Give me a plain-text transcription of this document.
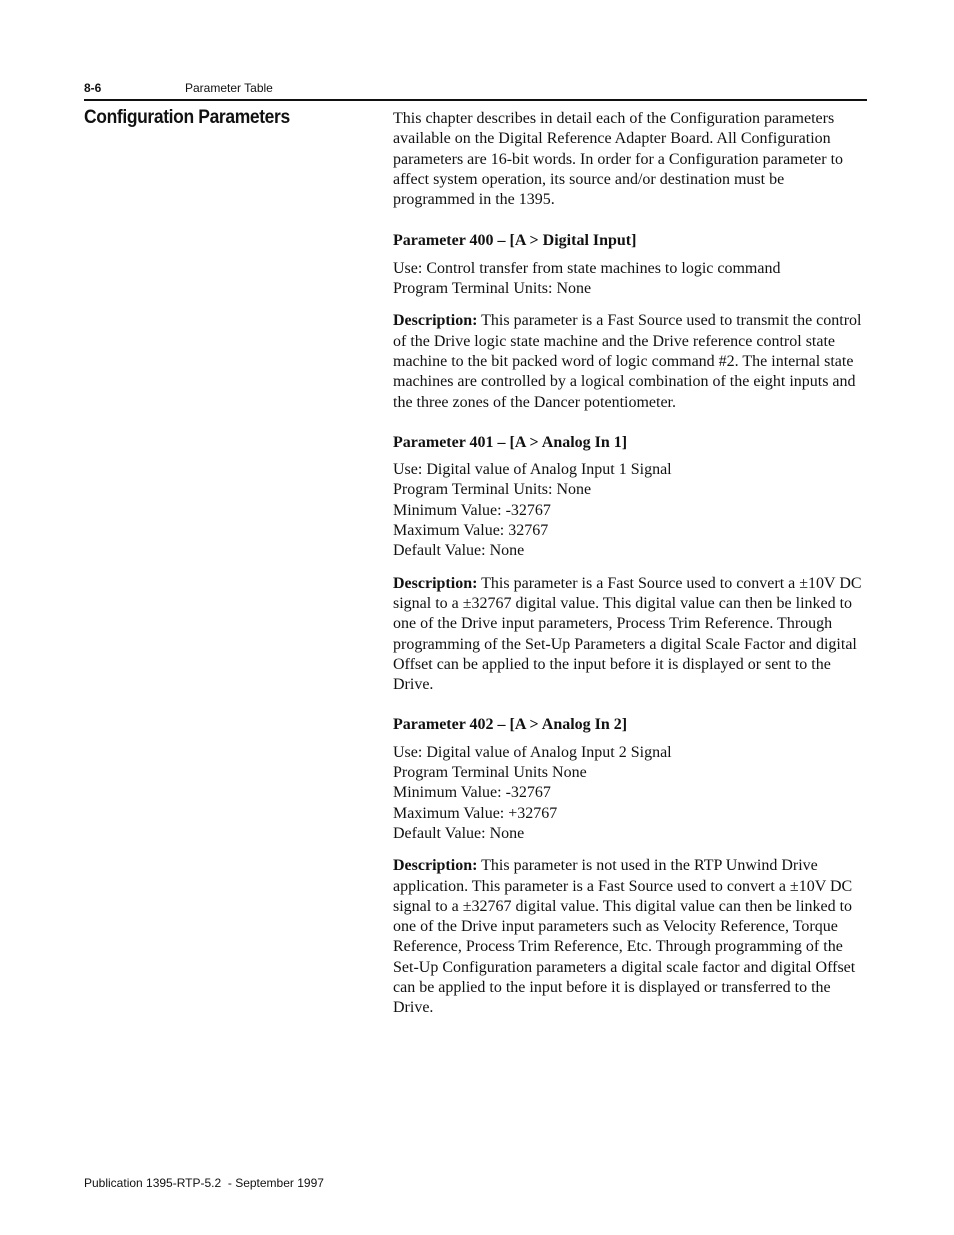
8-6	Parameter Table
Configuration Parameters	This chapter describes in detail each of the Configuration parameters available on the Digital Reference Adapter Board. All Configuration parameters are 16-bit words. In order for a Configuration parameter to affect system operation, its source and/or destination must be programmed in the 1395.

Parameter 400 – [A > Digital Input]

Use: Control transfer from state machines to logic command

Program Terminal Units: None

Description: This parameter is a Fast Source used to transmit the control of the Drive logic state machine and the Drive reference control state machine to the bit packed word of logic command #2. The internal state machines are controlled by a logical combination of the eight inputs and the three zones of the Dancer potentiometer.

Parameter 401 – [A > Analog In 1]

Use: Digital value of Analog Input 1 Signal

Program Terminal Units: None

Minimum Value: -32767

Maximum Value: 32767

Default Value: None

Description: This parameter is a Fast Source used to convert a ±10V DC signal to a ±32767 digital value. This digital value can then be linked to one of the Drive input parameters, Process Trim Reference. Through programming of the Set-Up Parameters a digital Scale Factor and digital Offset can be applied to the input before it is displayed or sent to the Drive.

Parameter 402 – [A > Analog In 2]

Use: Digital value of Analog Input 2 Signal

Program Terminal Units None

Minimum Value: -32767

Maximum Value: +32767

Default Value: None

Description: This parameter is not used in the RTP Unwind Drive application. This parameter is a Fast Source used to convert a ±10V DC signal to a ±32767 digital value. This digital value can then be linked to one of the Drive input parameters such as Velocity Reference, Torque Reference, Process Trim Reference, Etc. Through programming of the Set-Up Configuration parameters a digital scale factor and digital Offset can be applied to the input before it is displayed or transferred to the Drive.

Publication 1395-RTP-5.2  - September 1997
